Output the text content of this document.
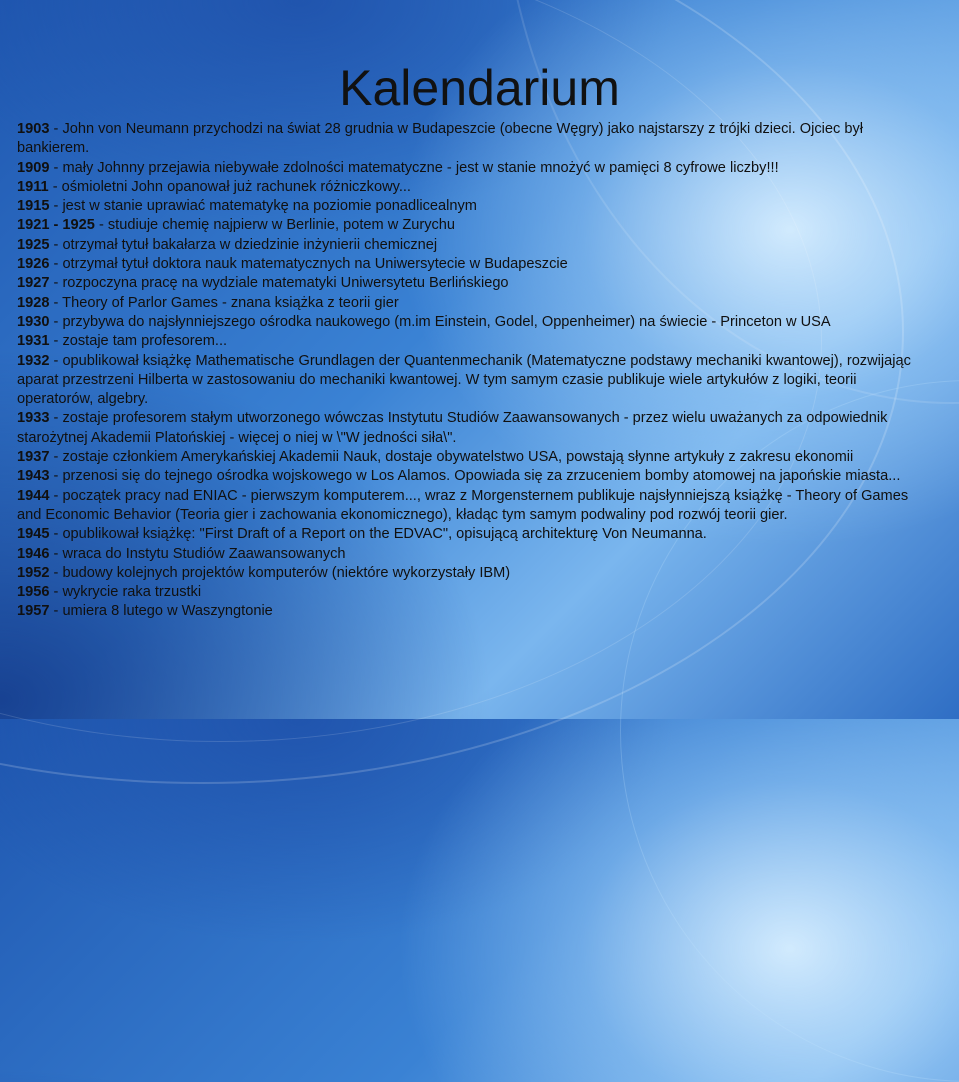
Kalendarium

1903 - John von Neumann przychodzi na świat 28 grudnia w Budapeszcie (obecne Węgry) jako najstarszy z trójki dzieci. Ojciec był bankierem.

1909 - mały Johnny przejawia niebywałe zdolności matematyczne - jest w stanie mnożyć w pamięci 8 cyfrowe liczby!!!

1911 - ośmioletni John opanował już rachunek różniczkowy...

1915 - jest w stanie uprawiać matematykę na poziomie ponadlicealnym

1921 - 1925 - studiuje chemię najpierw w Berlinie, potem w Zurychu

1925 - otrzymał tytuł bakałarza w dziedzinie inżynierii chemicznej

1926 - otrzymał tytuł doktora nauk matematycznych na Uniwersytecie w Budapeszcie

1927 - rozpoczyna pracę na wydziale matematyki Uniwersytetu Berlińskiego

1928 - Theory of Parlor Games - znana książka z teorii gier

1930 - przybywa do najsłynniejszego ośrodka naukowego (m.im Einstein, Godel, Oppenheimer) na świecie - Princeton w USA

1931 - zostaje tam profesorem...

1932 - opublikował książkę Mathematische Grundlagen der Quantenmechanik (Matematyczne podstawy mechaniki kwantowej), rozwijając aparat przestrzeni Hilberta w zastosowaniu do mechaniki kwantowej. W tym samym czasie publikuje wiele artykułów z logiki, teorii operatorów, algebry.

1933 - zostaje profesorem stałym utworzonego wówczas Instytutu Studiów Zaawansowanych - przez wielu uważanych za odpowiednik starożytnej Akademii Platońskiej - więcej o niej w \"W jedności siła\".

1937 - zostaje członkiem Amerykańskiej Akademii Nauk, dostaje obywatelstwo USA, powstają słynne artykuły z zakresu ekonomii

1943 - przenosi się do tejnego ośrodka wojskowego w Los Alamos. Opowiada się za zrzuceniem bomby atomowej na japońskie miasta...

1944 - początek pracy nad ENIAC - pierwszym komputerem..., wraz z Morgensternem publikuje najsłynniejszą książkę - Theory of Games and Economic Behavior (Teoria gier i zachowania ekonomicznego), kładąc tym samym podwaliny pod rozwój teorii gier.

1945 - opublikował książkę: "First Draft of a Report on the EDVAC", opisującą architekturę Von Neumanna.

1946 - wraca do Instytu Studiów Zaawansowanych

1952 - budowy kolejnych projektów komputerów (niektóre wykorzystały IBM)

1956 - wykrycie raka trzustki

1957 - umiera 8 lutego w Waszyngtonie
